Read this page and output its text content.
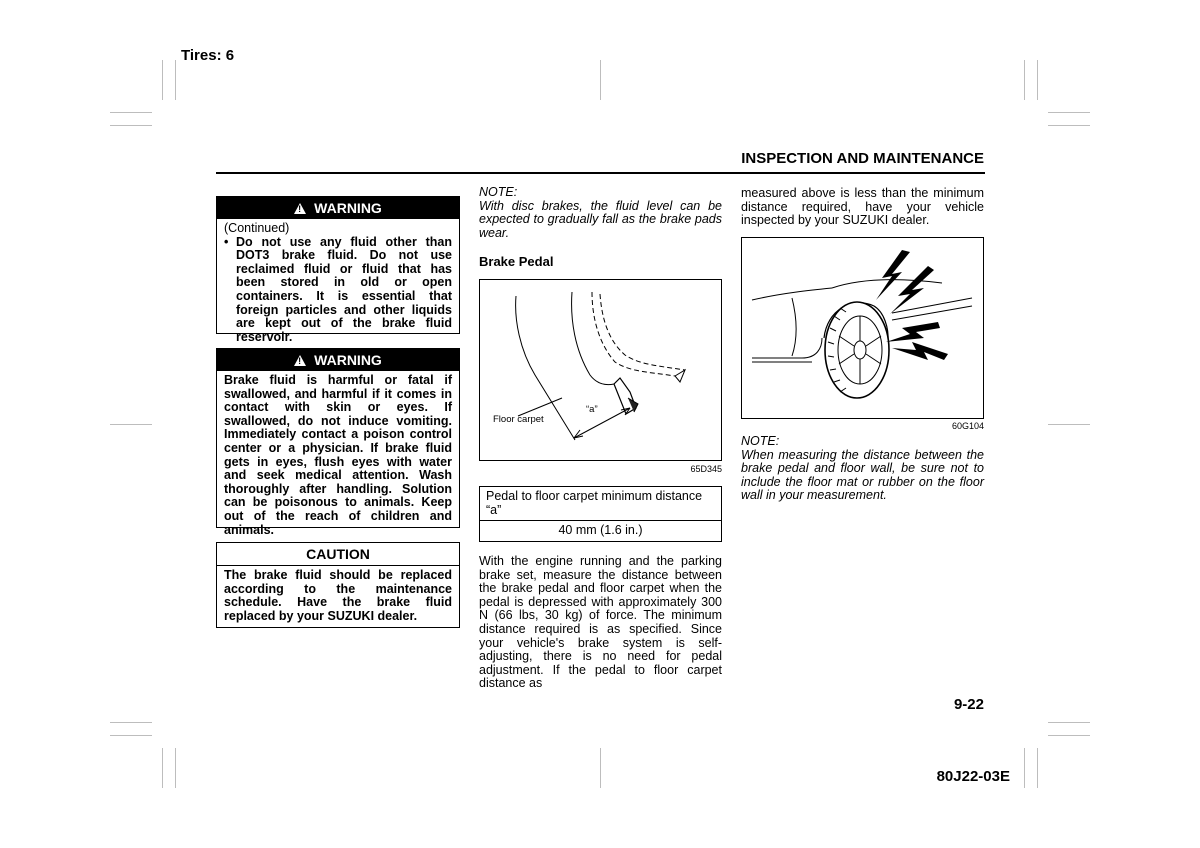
Tires: 6
INSPECTION AND MAINTENANCE
! WARNING
(Continued)
• Do not use any fluid other than DOT3 brake fluid. Do not use reclaimed fluid or fluid that has been stored in old or open containers. It is essential that foreign particles and other liquids are kept out of the brake fluid reservoir.
! WARNING
Brake fluid is harmful or fatal if swallowed, and harmful if it comes in contact with skin or eyes. If swallowed, do not induce vomiting. Immediately contact a poison control center or a physician. If brake fluid gets in eyes, flush eyes with water and seek medical attention. Wash thoroughly after handling. Solution can be poisonous to animals. Keep out of the reach of children and animals.
CAUTION
The brake fluid should be replaced according to the maintenance schedule. Have the brake fluid replaced by your SUZUKI dealer.
NOTE:
With disc brakes, the fluid level can be expected to gradually fall as the brake pads wear.
Brake Pedal
Floor carpet
“a”
65D345
Pedal to floor carpet minimum distance “a”
40 mm (1.6 in.)
With the engine running and the parking brake set, measure the distance between the brake pedal and floor carpet when the pedal is depressed with approximately 300 N (66 lbs, 30 kg) of force. The minimum distance required is as specified. Since your vehicle's brake system is self-adjusting, there is no need for pedal adjustment. If the pedal to floor carpet distance as
measured above is less than the minimum distance required, have your vehicle inspected by your SUZUKI dealer.
60G104
NOTE:
When measuring the distance between the brake pedal and floor wall, be sure not to include the floor mat or rubber on the floor wall in your measurement.
9-22
80J22-03E
